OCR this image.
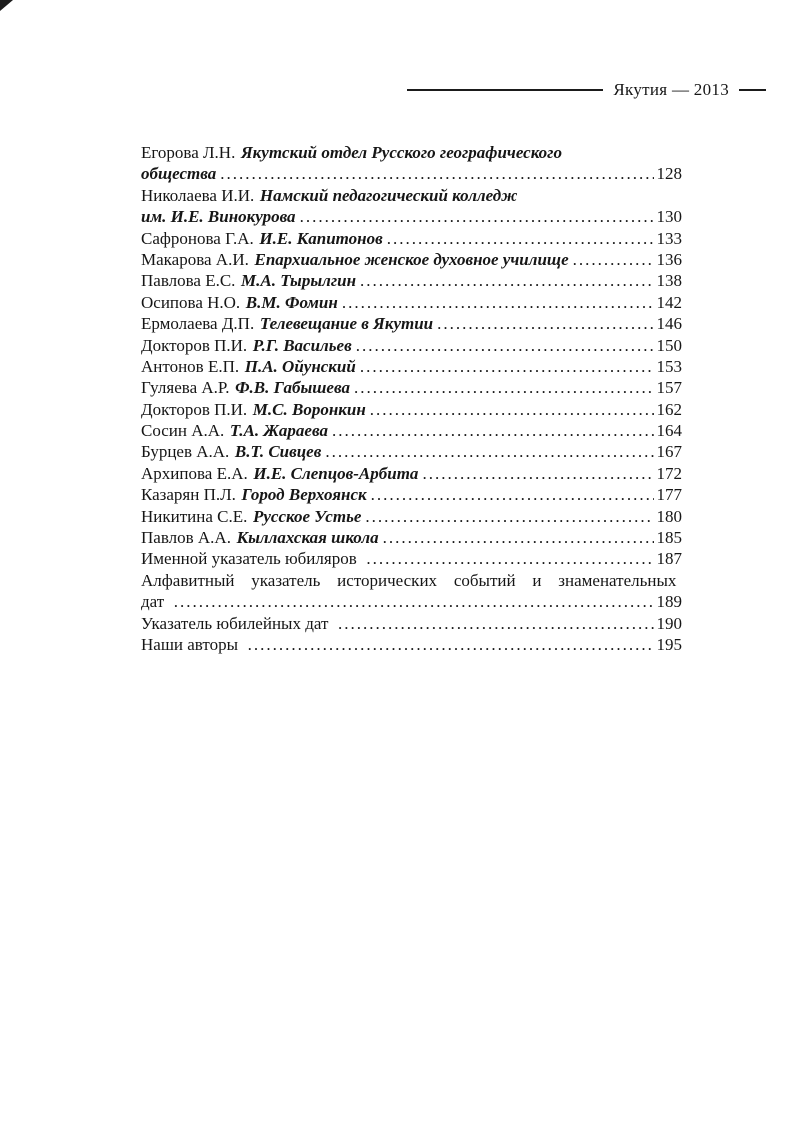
Якутия — 2013
Егорова Л.Н. Якутский отдел Русского географического
общества .....	128
Николаева И.И. Намский педагогический колледж
им. И.Е. Винокурова .....	130
Сафронова Г.А. И.Е. Капитонов .....	133
Макарова А.И. Епархиальное женское духовное училище .....	136
Павлова Е.С. М.А. Тырылгин .....	138
Осипова Н.О. В.М. Фомин .....	142
Ермолаева Д.П. Телевещание в Якутии .....	146
Докторов П.И. Р.Г. Васильев .....	150
Антонов Е.П. П.А. Ойунский .....	153
Гуляева А.Р. Ф.В. Габышева .....	157
Докторов П.И. М.С. Воронкин .....	162
Сосин А.А. Т.А. Жараева .....	164
Бурцев А.А. В.Т. Сивцев .....	167
Архипова Е.А. И.Е. Слепцов-Арбита .....	172
Казарян П.Л. Город Верхоянск .....	177
Никитина С.Е. Русское Устье .....	180
Павлов А.А. Кыллахская школа .....	185
Именной указатель юбиляров .....	187
Алфавитный указатель исторических событий и знаменательных
дат .....	189
Указатель юбилейных дат .....	190
Наши авторы .....	195
